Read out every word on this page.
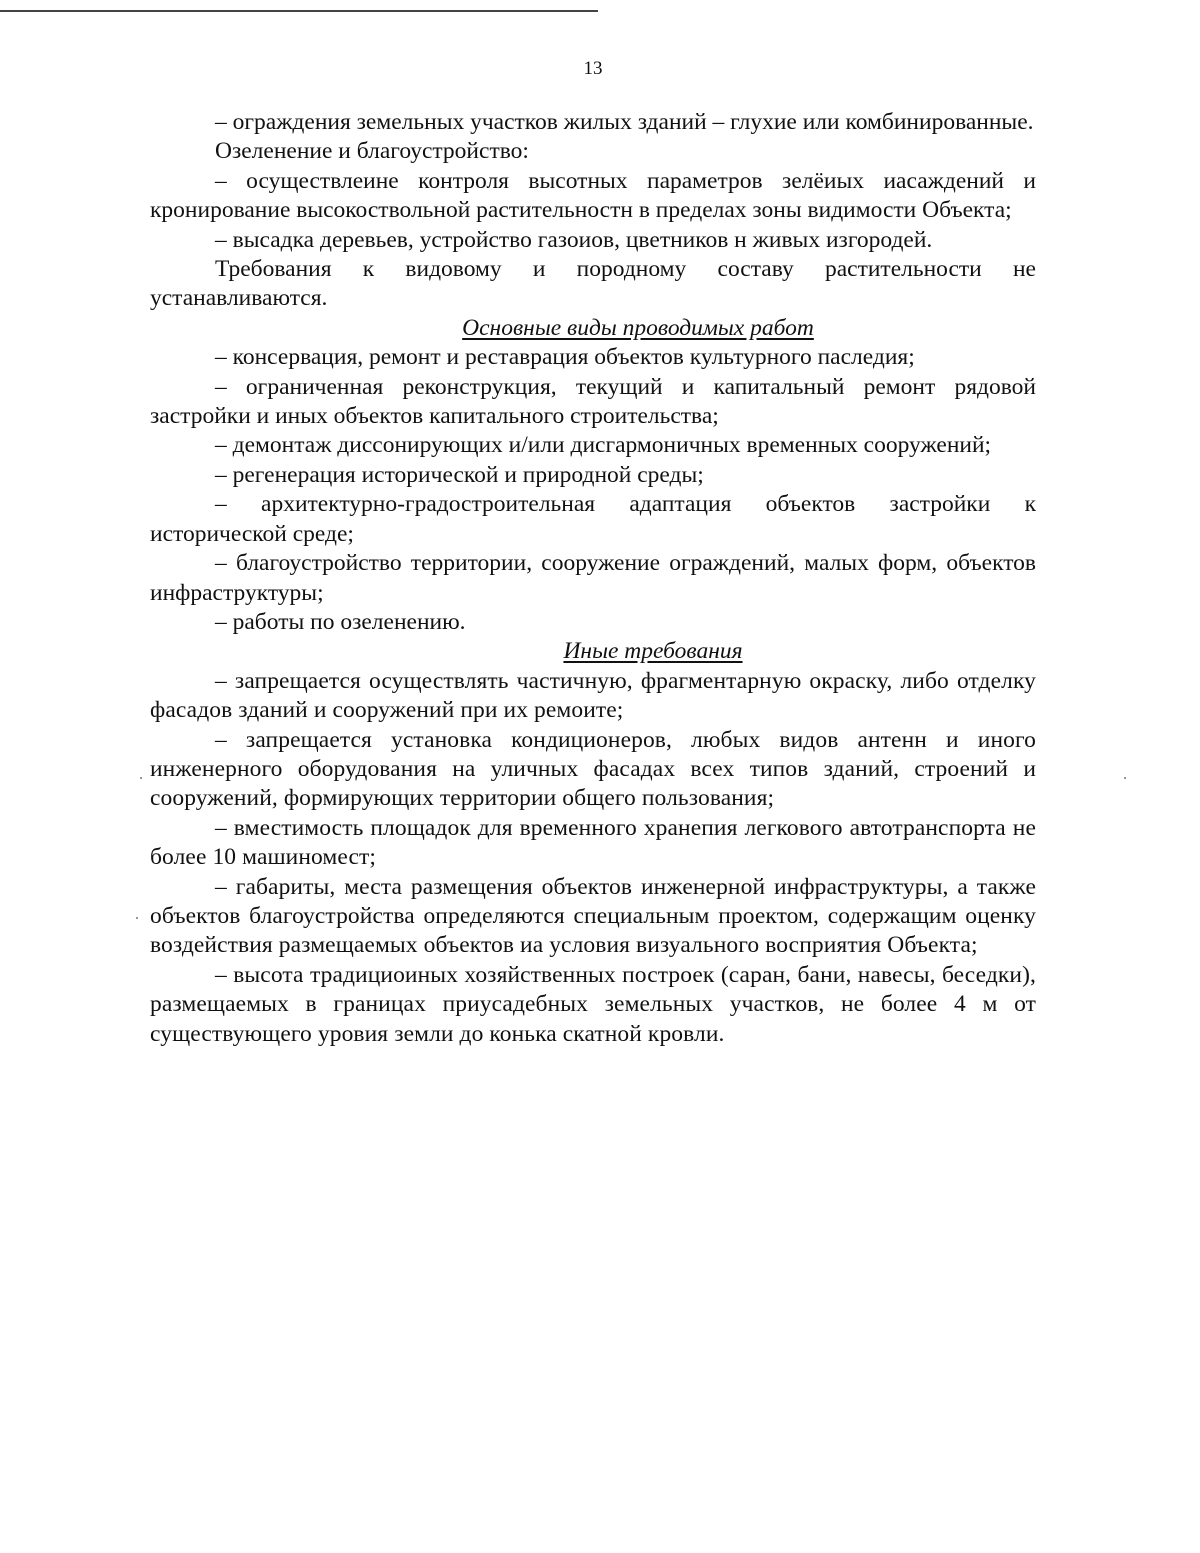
13

– ограждения земельных участков жилых зданий – глухие или комбинированные.

Озеленение и благоустройство:

– осуществлеине контроля высотных параметров зелёиых иасаждений и кронирование высокоствольной растительностн в пределах зоны видимости Объекта;

– высадка деревьев, устройство газоиов, цветников н живых изгородей.

Требования к видовому и породному составу растительности не устанавливаются.

Основные виды проводимых работ

– консервация, ремонт и реставрация объектов культурного паследия;

– ограниченная реконструкция, текущий и капитальный ремонт рядовой застройки и иных объектов капитального строительства;

– демонтаж диссонирующих и/или дисгармоничных временных сооружений;

– регенерация исторической и природной среды;

– архитектурно-градостроительная адаптация объектов застройки к исторической среде;

– благоустройство территории, сооружение ограждений, малых форм, объектов инфраструктуры;

– работы по озеленению.

Иные требования

– запрещается осуществлять частичную, фрагментарную окраску, либо отделку фасадов зданий и сооружений при их ремоите;

– запрещается установка кондиционеров, любых видов антенн и иного инженерного оборудования на уличных фасадах всех типов зданий, строений и сооружений, формирующих территории общего пользования;

– вместимость площадок для временного хранепия легкового автотранспорта не более 10 машиномест;

– габариты, места размещения объектов инженерной инфраструктуры, а также объектов благоустройства определяются специальным проектом, содержащим оценку воздействия размещаемых объектов иа условия визуального восприятия Объекта;

– высота традициоиных хозяйственных построек (саран, бани, навесы, беседки), размещаемых в границах приусадебных земельных участков, не более 4 м от существующего уровия земли до конька скатной кровли.
